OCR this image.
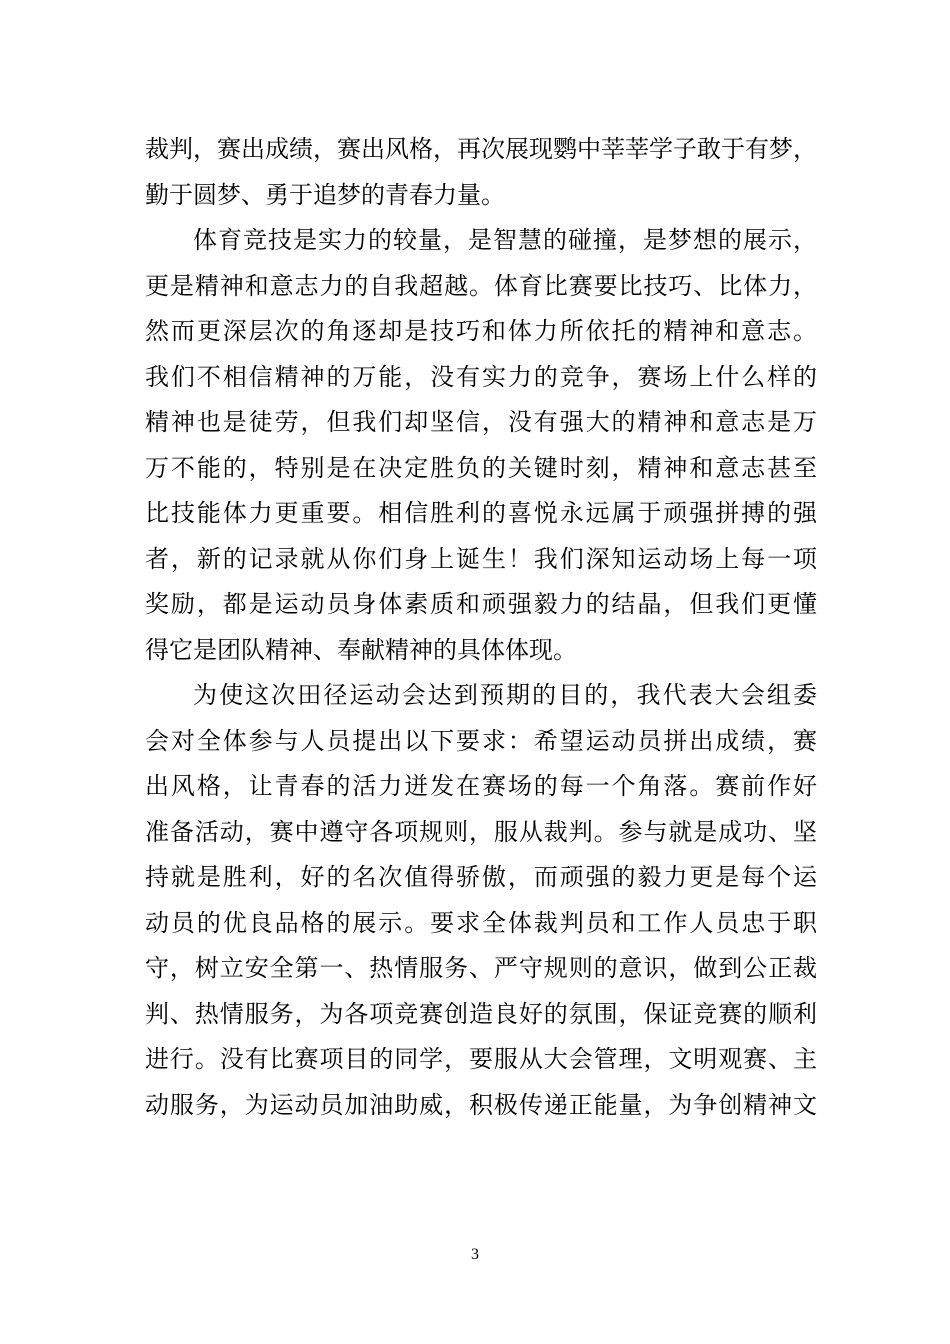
裁判，赛出成绩，赛出风格，再次展现鹦中莘莘学子敢于有梦，
勤于圆梦、勇于追梦的青春力量。
体育竞技是实力的较量，是智慧的碰撞，是梦想的展示，
更是精神和意志力的自我超越。体育比赛要比技巧、比体力，
然而更深层次的角逐却是技巧和体力所依托的精神和意志。
我们不相信精神的万能，没有实力的竞争，赛场上什么样的
精神也是徒劳，但我们却坚信，没有强大的精神和意志是万
万不能的，特别是在决定胜负的关键时刻，精神和意志甚至
比技能体力更重要。相信胜利的喜悦永远属于顽强拼搏的强
者，新的记录就从你们身上诞生！我们深知运动场上每一项
奖励，都是运动员身体素质和顽强毅力的结晶，但我们更懂
得它是团队精神、奉献精神的具体体现。
为使这次田径运动会达到预期的目的，我代表大会组委
会对全体参与人员提出以下要求：希望运动员拼出成绩，赛
出风格，让青春的活力迸发在赛场的每一个角落。赛前作好
准备活动，赛中遵守各项规则，服从裁判。参与就是成功、坚
持就是胜利，好的名次值得骄傲，而顽强的毅力更是每个运
动员的优良品格的展示。要求全体裁判员和工作人员忠于职
守，树立安全第一、热情服务、严守规则的意识，做到公正裁
判、热情服务，为各项竞赛创造良好的氛围，保证竞赛的顺利
进行。没有比赛项目的同学，要服从大会管理，文明观赛、主
动服务，为运动员加油助威，积极传递正能量，为争创精神文
3
